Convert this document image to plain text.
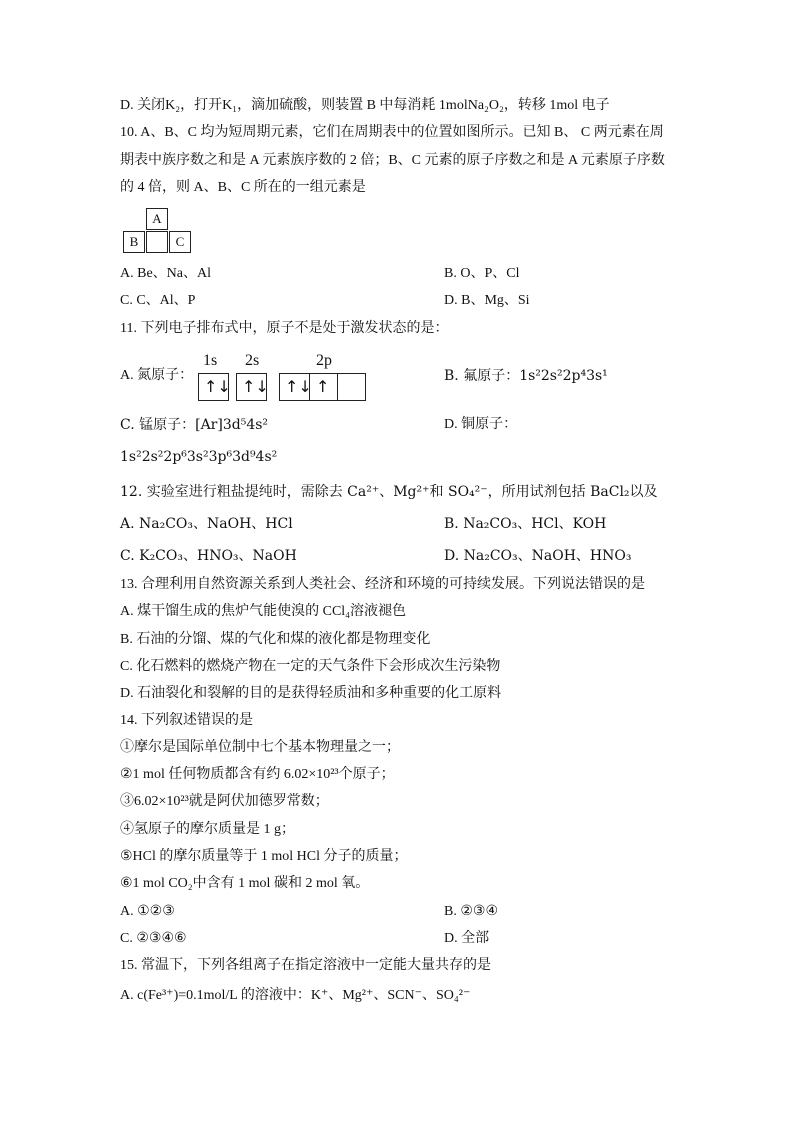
D. 关闭K₂，打开K₁，滴加硫酸，则装置 B 中每消耗 1molNa₂O₂，转移 1mol 电子
10. A、B、C 均为短周期元素，它们在周期表中的位置如图所示。已知 B、 C 两元素在周
期表中族序数之和是 A 元素族序数的 2 倍；B、C 元素的原子序数之和是 A 元素原子序数
的 4 倍，则 A、B、C 所在的一组元素是
A
B	C
A. Be、Na、Al	B. O、P、Cl
C. C、Al、P	D. B、Mg、Si
11. 下列电子排布式中，原子不是处于激发状态的是：
A. 氮原子：
1s 2s	2p
↑↓ ↑↓ ↑↓ ↑
B. 氟原子：1s²2s²2p⁴3s¹
C. 锰原子：[Ar]3d⁵4s²	D. 铜原子：
1s²2s²2p⁶3s²3p⁶3d⁹4s²
12. 实验室进行粗盐提纯时，需除去 Ca²⁺、Mg²⁺和 SO₄²⁻，所用试剂包括 BaCl₂以及
A. Na₂CO₃、NaOH、HCl	B. Na₂CO₃、HCl、KOH
C. K₂CO₃、HNO₃、NaOH	D. Na₂CO₃、NaOH、HNO₃
13. 合理利用自然资源关系到人类社会、经济和环境的可持续发展。下列说法错误的是
A. 煤干馏生成的焦炉气能使溴的 CCl₄溶液褪色
B. 石油的分馏、煤的气化和煤的液化都是物理变化
C. 化石燃料的燃烧产物在一定的天气条件下会形成次生污染物
D. 石油裂化和裂解的目的是获得轻质油和多种重要的化工原料
14. 下列叙述错误的是
①摩尔是国际单位制中七个基本物理量之一；
②1 mol 任何物质都含有约 6.02×10²³个原子；
③6.02×10²³就是阿伏加德罗常数；
④氢原子的摩尔质量是 1 g；
⑤HCl 的摩尔质量等于 1 mol HCl 分子的质量；
⑥1 mol CO₂中含有 1 mol 碳和 2 mol 氧。
A. ①②③	B. ②③④
C. ②③④⑥	D. 全部
15. 常温下，下列各组离子在指定溶液中一定能大量共存的是
A. c(Fe³⁺)=0.1mol/L 的溶液中：K⁺、Mg²⁺、SCN⁻、SO₄²⁻
